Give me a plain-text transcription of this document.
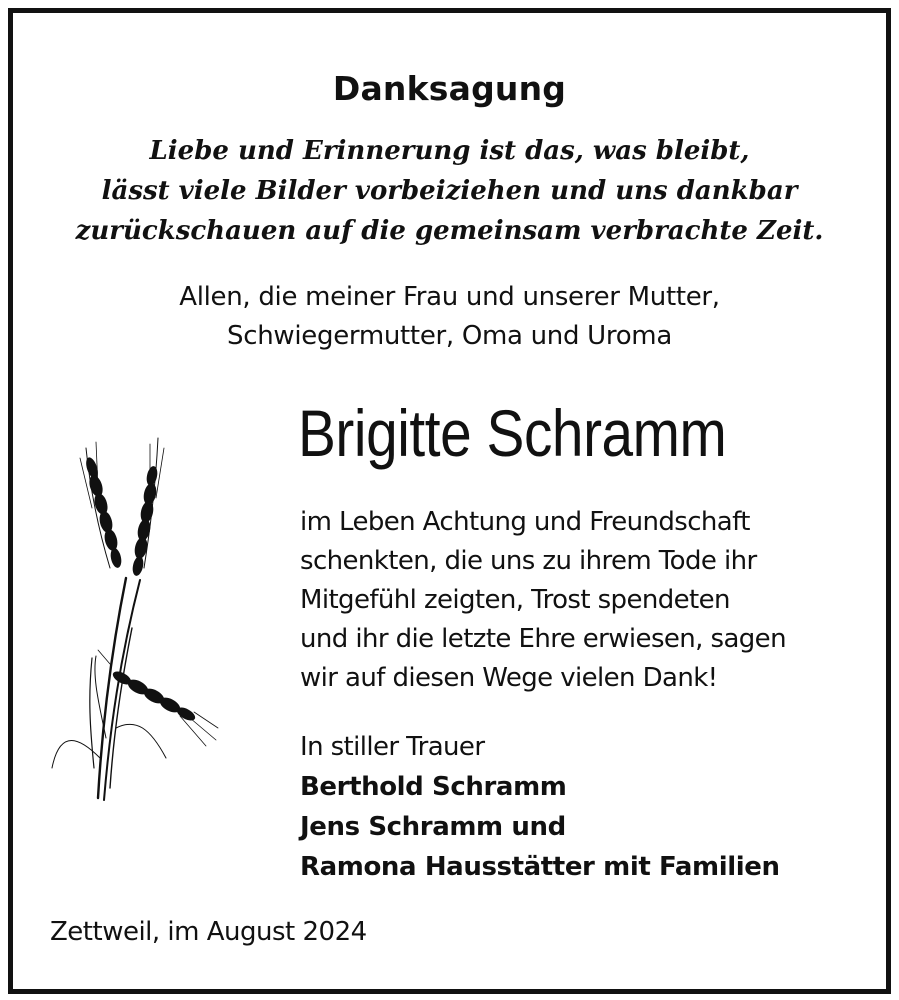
Danksagung
Liebe und Erinnerung ist das, was bleibt,
lässt viele Bilder vorbeiziehen und uns dankbar
zurückschauen auf die gemeinsam verbrachte Zeit.
Allen, die meiner Frau und unserer Mutter,
Schwiegermutter, Oma und Uroma
Brigitte Schramm
im Leben Achtung und Freundschaft
schenkten, die uns zu ihrem Tode ihr
Mitgefühl zeigten, Trost spendeten
und ihr die letzte Ehre erwiesen, sagen
wir auf diesen Wege vielen Dank!
In stiller Trauer
Berthold Schramm
Jens Schramm und
Ramona Hausstätter mit Familien
Zettweil, im August 2024
